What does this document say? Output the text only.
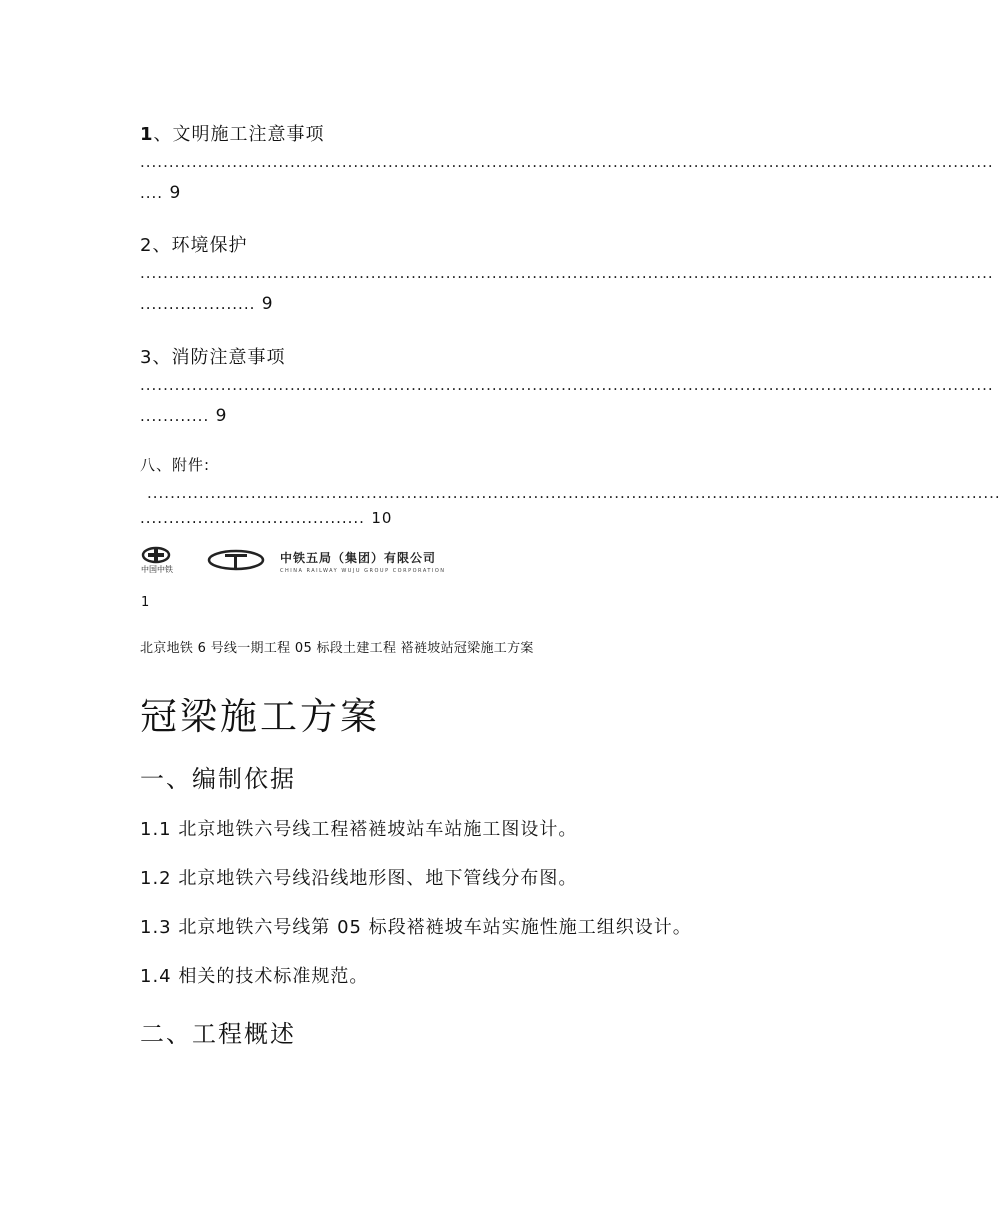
1、文明施工注意事项
....................................................................................................................................................
.... 9
2、环境保护
....................................................................................................................................................
.................... 9
3、消防注意事项
....................................................................................................................................................
............ 9
八、附件:
....................................................................................................................................................
....................................... 10
中国中铁
中铁五局（集团）有限公司
CHINA RAILWAY WUJU GROUP CORPORATION
1
北京地铁 6 号线一期工程 05 标段土建工程 褡裢坡站冠梁施工方案
冠梁施工方案
一、编制依据
1.1 北京地铁六号线工程褡裢坡站车站施工图设计。
1.2 北京地铁六号线沿线地形图、地下管线分布图。
1.3 北京地铁六号线第 05 标段褡裢坡车站实施性施工组织设计。
1.4 相关的技术标准规范。
二、工程概述
